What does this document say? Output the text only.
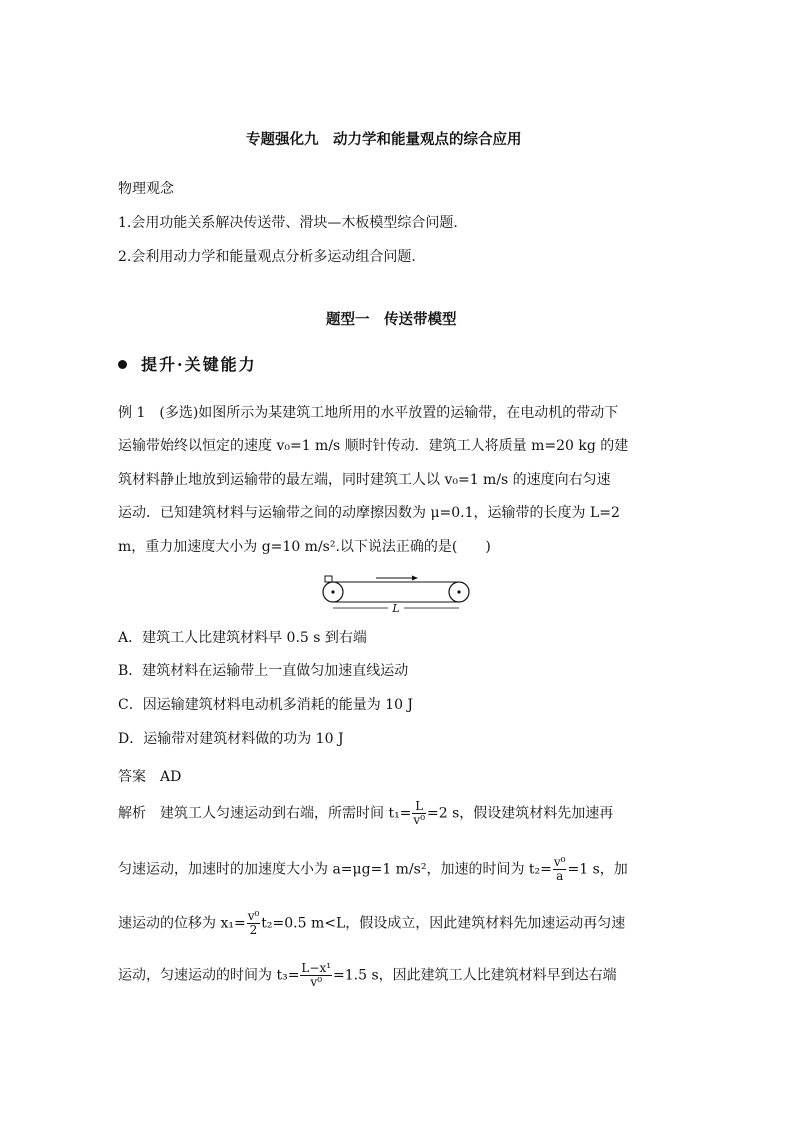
专题强化九　动力学和能量观点的综合应用
物理观念
1.会用功能关系解决传送带、滑块—木板模型综合问题.
2.会利用动力学和能量观点分析多运动组合问题.
题型一　传送带模型
提升·关键能力
例 1　(多选)如图所示为某建筑工地所用的水平放置的运输带，在电动机的带动下
运输带始终以恒定的速度 v₀=1 m/s 顺时针传动．建筑工人将质量 m=20 kg 的建
筑材料静止地放到运输带的最左端，同时建筑工人以 v₀=1 m/s 的速度向右匀速
运动．已知建筑材料与运输带之间的动摩擦因数为 μ=0.1，运输带的长度为 L=2
m，重力加速度大小为 g=10 m/s².以下说法正确的是(　　)
L
A．建筑工人比建筑材料早 0.5 s 到右端
B．建筑材料在运输带上一直做匀加速直线运动
C．因运输建筑材料电动机多消耗的能量为 10 J
D．运输带对建筑材料做的功为 10 J
答案　AD
解析　建筑工人匀速运动到右端，所需时间 $t_1= \frac{L}{\text{v⁰}} =2$ s，假设建筑材料先加速再
匀速运动，加速时的加速度大小为 a=μg=1 m/s²，加速的时间为 $t_2= \frac{\text{v⁰}}{a} =1$ s，加
速运动的位移为 $x_1= \frac{\text{v⁰}}{2} t_2=0.5$ m<L，假设成立，因此建筑材料先加速运动再匀速
运动，匀速运动的时间为 $t_3= \frac{\text{L−x¹}}{\text{v⁰}} =1.5$ s，因此建筑工人比建筑材料早到达右端
